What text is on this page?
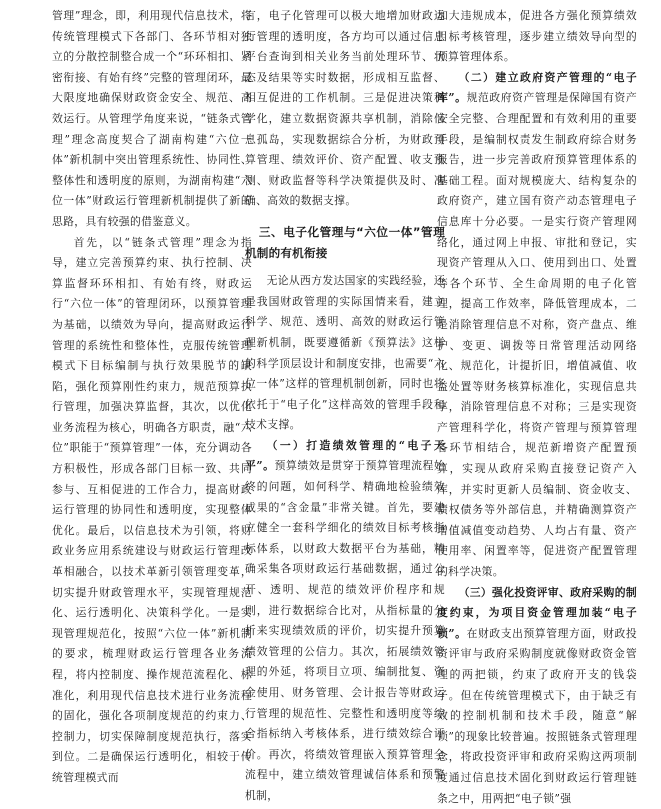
管理”理念，即，利用现代信息技术，将传统管理模式下各部门、各环节相对独立的分散控制整合成一个“环环相扣、紧密衔接、有始有终”完整的管理闭环，最大限度地确保财政资金安全、规范、高效运行。从管理学角度来说，“链条式管理”理念高度契合了湖南构建“六位一体”新机制中突出管理系统性、协同性、整体性和透明度的原则，为湖南构建“六位一体”财政运行管理新机制提供了新的思路，具有较强的借鉴意义。

首先，以“链条式管理”理念为指导，建立完善预算约束、执行控制、决算监督环环相扣、有始有终，财政运行“六位一体”的管理闭环，以预算管理为基础，以绩效为导向，提高财政运行管理的系统性和整体性，克服传统管理模式下目标编制与执行效果脱节的缺陷，强化预算刚性约束力，规范预算执行管理，加强决算监督，其次，以优化业务流程为核心，明确各方职责，融“六位”职能于“预算管理”一体，充分调动各方积极性，形成各部门目标一致、共同参与、互相促进的工作合力，提高财政运行管理的协同性和透明度，实现整体优化。最后，以信息技术为引领，将财政业务应用系统建设与财政运行管理改革相融合，以技术革新引领管理变革，切实提升财政管理水平，实现管理规范化、运行透明化、决策科学化。一是实现管理规范化，按照“六位一体”新机制的要求，梳理财政运行管理各业务流程，将内控制度、操作规范流程化、标准化，利用现代信息技术进行业务流程的固化，强化各项制度规范的约束力、控制力，切实保障制度规范执行，落实到位。二是确保运行透明化，相较于传统管理模式而

言，电子化管理可以极大地增加财政运行管理的透明度，各方均可以通过信息平台查询到相关业务当前处理环节、状态及结果等实时数据，形成相互监督、相互促进的工作机制。三是促进决策科学化，建立数据资源共享机制，消除信息孤岛，实现数据综合分析，为财政预算管理、绩效评价、资产配置、收支预测、财政监督等科学决策提供及时、准确、高效的数据支撑。

三、电子化管理与“六位一体”管理机制的有机衔接

无论从西方发达国家的实践经验，还是我国财政管理的实际国情来看，建立科学、规范、透明、高效的财政运行管理新机制，既要遵循新《预算法》这样的科学顶层设计和制度安排，也需要“六位一体”这样的管理机制创新，同时也将依托于“电子化”这样高效的管理手段和技术支撑。

（一）打造绩效管理的“电子天平”。预算绩效是贯穿于预算管理流程始终的问题，如何科学、精确地检验绩效成果的“含金量”非常关键。首先，要建立健全一套科学细化的绩效目标考核指标体系，以财政大数据平台为基础，精确采集各项财政运行基础数据，通过公开、透明、规范的绩效评价程序和规则，进行数据综合比对，从指标量的分析来实现绩效质的评价，切实提升预算绩效管理的公信力。其次，拓展绩效管理的外延，将项目立项、编制批复、资金使用、财务管理、会计报告等财政运行管理的规范性、完整性和透明度等综合指标纳入考核体系，进行绩效综合评价。再次，将绩效管理嵌入预算管理全流程中，建立绩效管理诚信体系和预警机制，

加大违规成本，促进各方强化预算绩效目标考核管理，逐步建立绩效导向型的预算管理体系。

（二）建立政府资产管理的“电子库”。规范政府资产管理是保障国有资产安全完整、合理配置和有效利用的重要手段，是编制权责发生制政府综合财务报告，进一步完善政府预算管理体系的基础工程。面对规模庞大、结构复杂的政府资产，建立国有资产动态管理电子信息库十分必要。一是实行资产管理网络化，通过网上申报、审批和登记，实现资产管理从入口、使用到出口、处置等各个环节、全生命周期的电子化管理，提高工作效率，降低管理成本，二是消除管理信息不对称，资产盘点、维护、变更、调拨等日常管理活动网络化、规范化，计提折旧，增值减值、收益处置等财务核算标准化，实现信息共享，消除管理信息不对称；三是实现资产管理科学化，将资产管理与预算管理各环节相结合，规范新增资产配置预算，实现从政府采购直接登记资产入库，并实时更新人员编制、资金收支、债权债务等外部信息，并精确测算资产增值减值变动趋势、人均占有量、资产使用率、闲置率等，促进资产配置管理的科学决策。

（三）强化投资评审、政府采购的制度约束，为项目资金管理加装“电子锁”。在财政支出预算管理方面，财政投资评审与政府采购制度就像财政资金管理的两把锁，约束了政府开支的钱袋子。但在传统管理模式下，由于缺乏有效的控制机制和技术手段，随意“解锁”的现象比较普遍。按照链条式管理理念，将政投资评审和政府采购这两项制度通过信息技术固化到财政运行管理链条之中，用两把“电子锁”强
